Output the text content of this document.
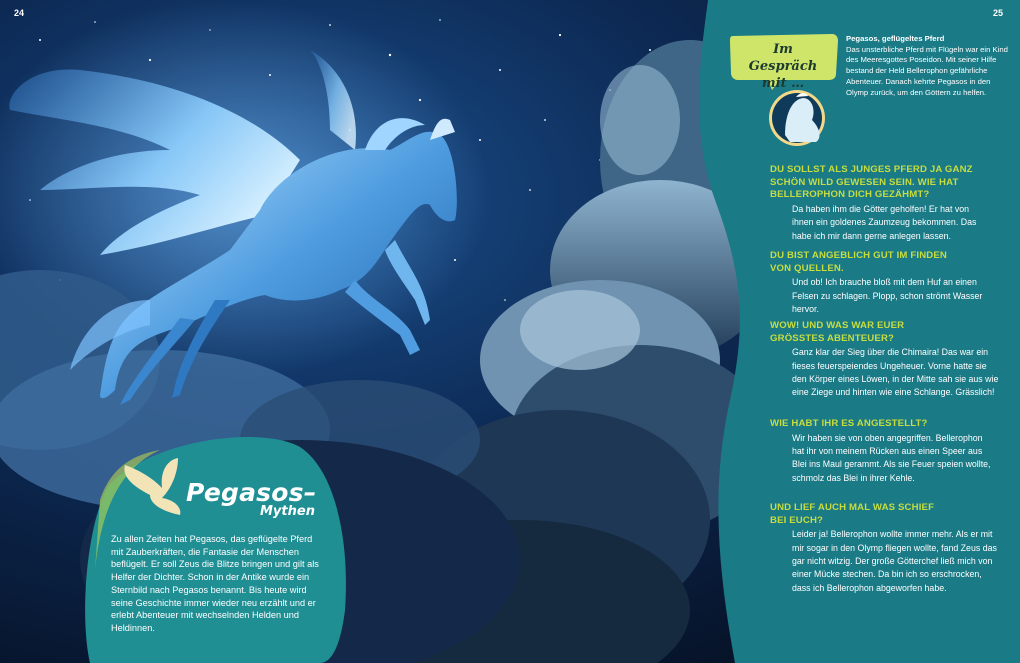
24	25
Pegasos–
Mythen
Zu allen Zeiten hat Pegasos, das geflügelte Pferd mit Zauberkräften, die Fantasie der Menschen beflügelt. Er soll Zeus die Blitze bringen und gilt als Helfer der Dichter. Schon in der Antike wurde ein Sternbild nach Pegasos benannt. Bis heute wird seine Geschichte immer wieder neu erzählt und er erlebt Abenteuer mit wechselnden Helden und Heldinnen.
Im Gespräch
mit …
Pegasos, geflügeltes Pferd
Das unsterbliche Pferd mit Flügeln war ein Kind des Meeresgottes Poseidon. Mit seiner Hilfe bestand der Held Bellerophon gefährliche Abenteuer. Danach kehrte Pegasos in den Olymp zurück, um den Göttern zu helfen.
DU SOLLST ALS JUNGES PFERD JA GANZ SCHÖN WILD GEWESEN SEIN. WIE HAT BELLEROPHON DICH GEZÄHMT?
Da haben ihm die Götter geholfen! Er hat von ihnen ein goldenes Zaumzeug bekommen. Das habe ich mir dann gerne anlegen lassen.
DU BIST ANGEBLICH GUT IM FINDEN VON QUELLEN.
Und ob! Ich brauche bloß mit dem Huf an einen Felsen zu schlagen. Plopp, schon strömt Wasser hervor.
WOW! UND WAS WAR EUER GRÖSSTES ABENTEUER?
Ganz klar der Sieg über die Chimaira! Das war ein fieses feuerspeiendes Ungeheuer. Vorne hatte sie den Körper eines Löwen, in der Mitte sah sie aus wie eine Ziege und hinten wie eine Schlange. Grässlich!
WIE HABT IHR ES ANGESTELLT?
Wir haben sie von oben angegriffen. Bellerophon hat ihr von meinem Rücken aus einen Speer aus Blei ins Maul gerammt. Als sie Feuer speien wollte, schmolz das Blei in ihrer Kehle.
UND LIEF AUCH MAL WAS SCHIEF BEI EUCH?
Leider ja! Bellerophon wollte immer mehr. Als er mit mir sogar in den Olymp fliegen wollte, fand Zeus das gar nicht witzig. Der große Götterchef ließ mich von einer Mücke stechen. Da bin ich so erschrocken, dass ich Bellerophon abgeworfen habe.
